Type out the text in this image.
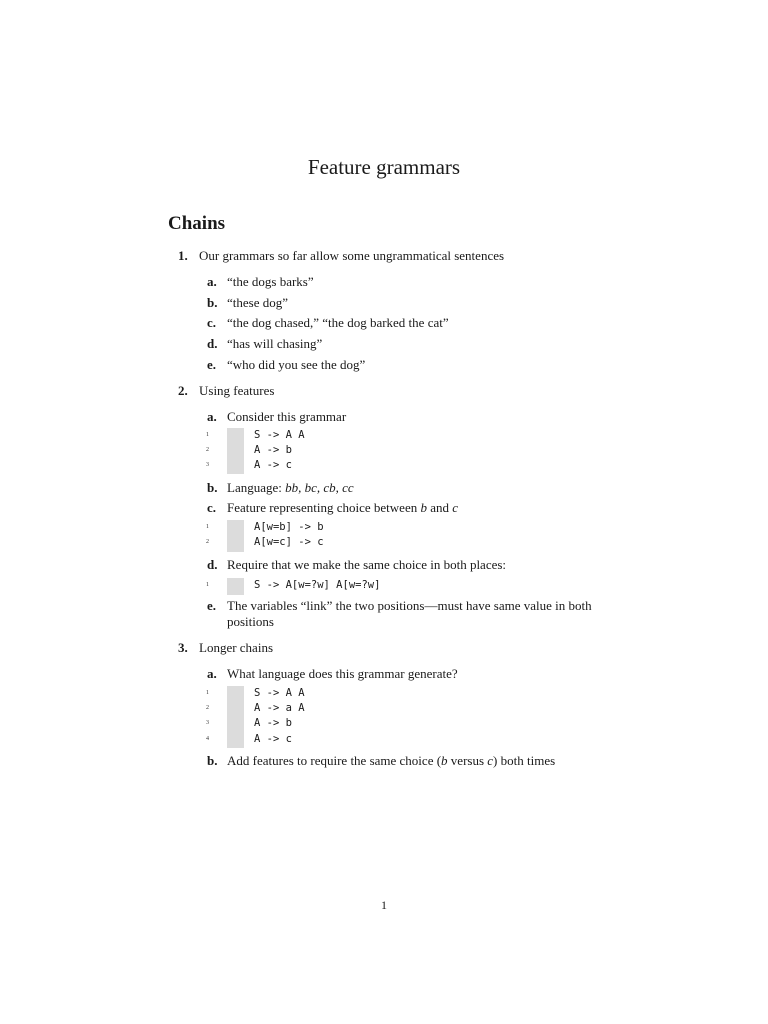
Feature grammars
Chains
1. Our grammars so far allow some ungrammatical sentences
a. “the dogs barks”
b. “these dog”
c. “the dog chased,” “the dog barked the cat”
d. “has will chasing”
e. “who did you see the dog”
2. Using features
a. Consider this grammar
1	S -> A A
2	A -> b
3	A -> c
b. Language: bb, bc, cb, cc
c. Feature representing choice between b and c
1	A[w=b] -> b
2	A[w=c] -> c
d. Require that we make the same choice in both places:
1	S -> A[w=?w] A[w=?w]
e. The variables “link” the two positions—must have same value in both positions
3. Longer chains
a. What language does this grammar generate?
1	S -> A A
2	A -> a A
3	A -> b
4	A -> c
b. Add features to require the same choice (b versus c) both times
1
